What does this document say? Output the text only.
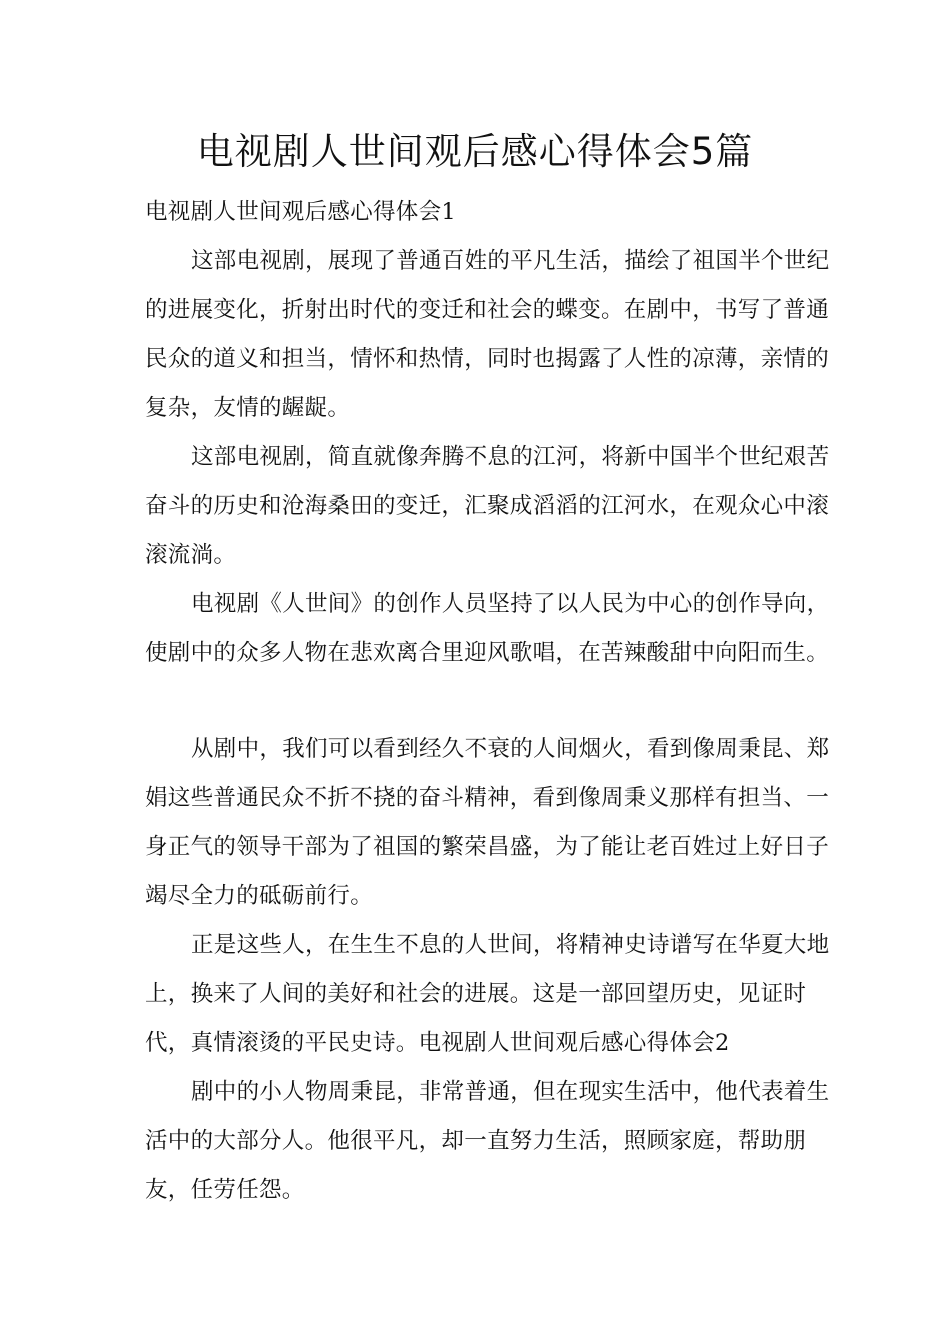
电视剧人世间观后感心得体会5篇

电视剧人世间观后感心得体会1

这部电视剧，展现了普通百姓的平凡生活，描绘了祖国半个世纪的进展变化，折射出时代的变迁和社会的蝶变。在剧中，书写了普通民众的道义和担当，情怀和热情，同时也揭露了人性的凉薄，亲情的复杂，友情的龌龊。

这部电视剧，简直就像奔腾不息的江河，将新中国半个世纪艰苦奋斗的历史和沧海桑田的变迁，汇聚成滔滔的江河水，在观众心中滚滚流淌。

电视剧《人世间》的创作人员坚持了以人民为中心的创作导向，使剧中的众多人物在悲欢离合里迎风歌唱，在苦辣酸甜中向阳而生。

从剧中，我们可以看到经久不衰的人间烟火，看到像周秉昆、郑娟这些普通民众不折不挠的奋斗精神，看到像周秉义那样有担当、一身正气的领导干部为了祖国的繁荣昌盛，为了能让老百姓过上好日子竭尽全力的砥砺前行。

正是这些人，在生生不息的人世间，将精神史诗谱写在华夏大地上，换来了人间的美好和社会的进展。这是一部回望历史，见证时代，真情滚烫的平民史诗。电视剧人世间观后感心得体会2

剧中的小人物周秉昆，非常普通，但在现实生活中，他代表着生活中的大部分人。他很平凡，却一直努力生活，照顾家庭，帮助朋友，任劳任怨。
